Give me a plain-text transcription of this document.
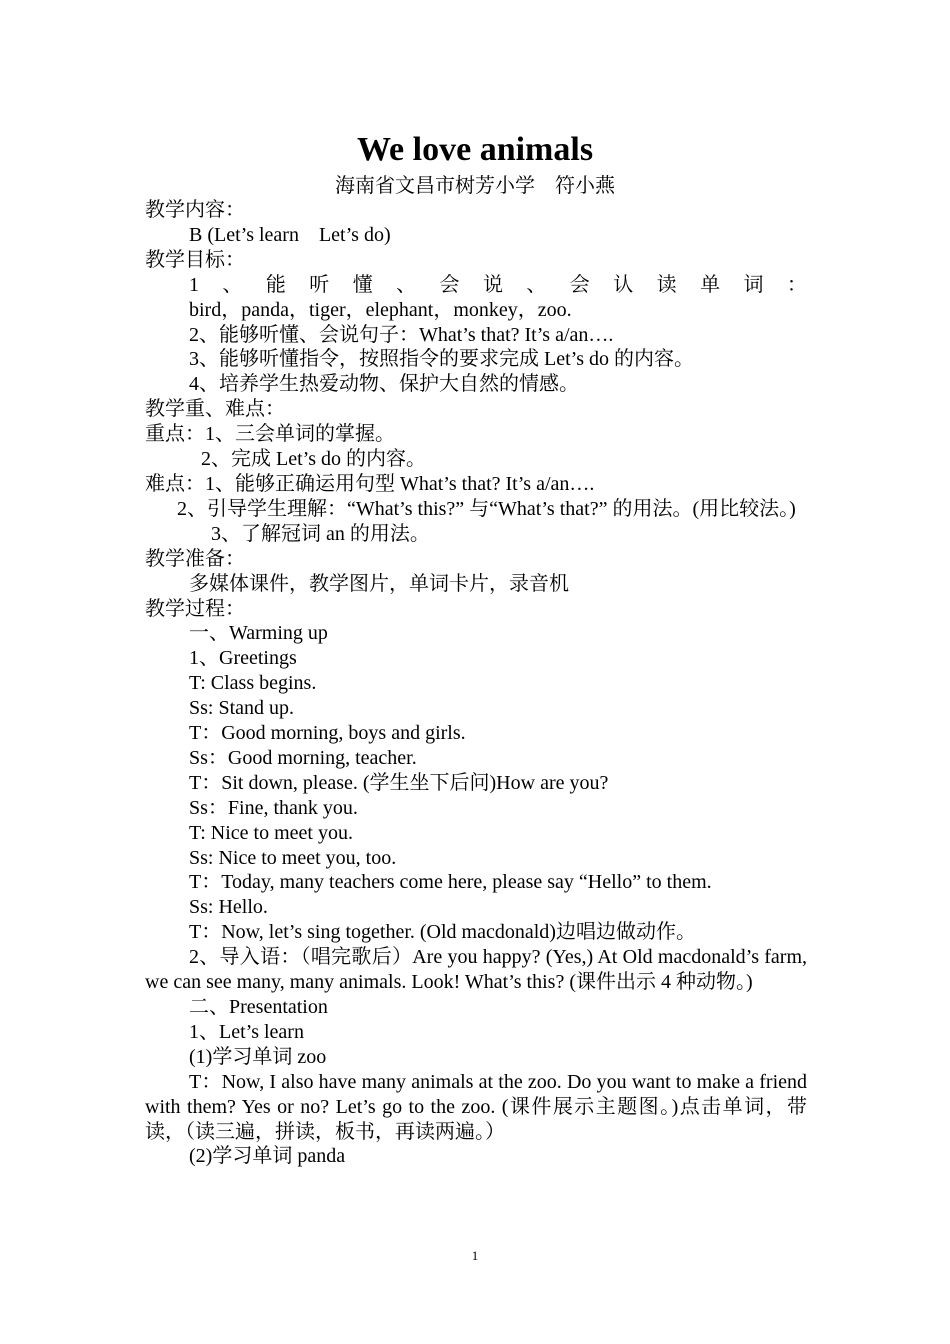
We love animals
海南省文昌市树芳小学　符小燕
教学内容：
B (Let’s learn　Let’s do)
教学目标：
1 、 能 听 懂 、 会 说 、 会 认 读 单 词 ：
bird，panda，tiger，elephant，monkey，zoo.
2、能够听懂、会说句子：What’s that? It’s a/an….
3、能够听懂指令，按照指令的要求完成 Let’s do 的内容。
4、培养学生热爱动物、保护大自然的情感。
教学重、难点：
重点：1、三会单词的掌握。
2、完成 Let’s do 的内容。
难点：1、能够正确运用句型 What’s that? It’s a/an….
2、引导学生理解：“What’s this?” 与“What’s that?” 的用法。(用比较法。)
3、了解冠词 an 的用法。
教学准备：
多媒体课件，教学图片，单词卡片，录音机
教学过程：
一、Warming up
1、Greetings
T: Class begins.
Ss: Stand up.
T：Good morning, boys and girls.
Ss：Good morning, teacher.
T：Sit down, please. (学生坐下后问)How are you?
Ss：Fine, thank you.
T: Nice to meet you.
Ss: Nice to meet you, too.
T：Today, many teachers come here, please say “Hello” to them.
Ss: Hello.
T：Now, let’s sing together. (Old macdonald)边唱边做动作。
2、导入语：（唱完歌后）Are you happy? (Yes,) At Old macdonald’s farm, we can see many, many animals. Look! What’s this? (课件出示 4 种动物。)
二、Presentation
1、Let’s learn
(1)学习单词 zoo
T：Now, I also have many animals at the zoo. Do you want to make a friend with them? Yes or no? Let’s go to the zoo. (课件展示主题图。)点击单词，带读，（读三遍，拼读，板书，再读两遍。）
(2)学习单词 panda
1
